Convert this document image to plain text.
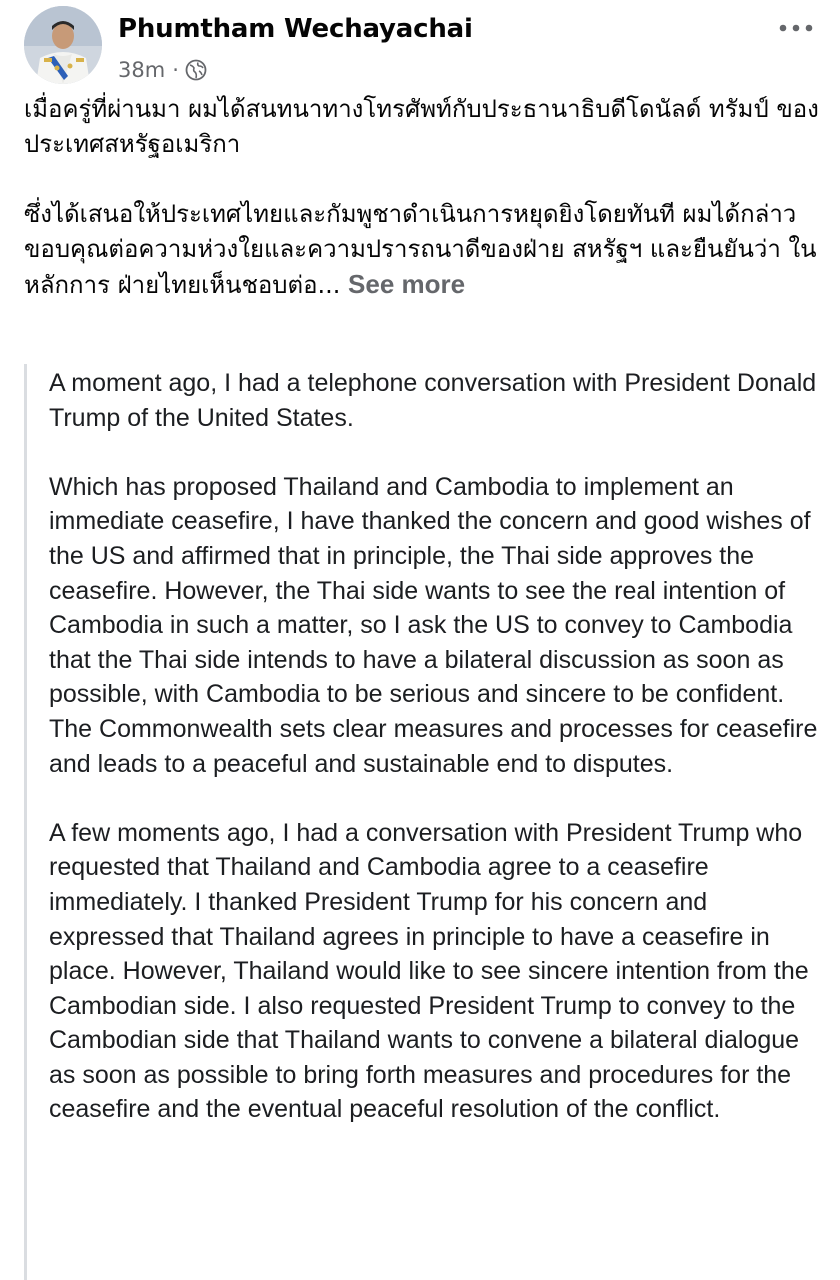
Phumtham Wechayachai
38m ·

เมื่อครู่ที่ผ่านมา ผมได้สนทนาทางโทรศัพท์กับประธานาธิบดีโดนัลด์ ทรัมป์ ของประเทศสหรัฐอเมริกา

ซึ่งได้เสนอให้ประเทศไทยและกัมพูชาดำเนินการหยุดยิงโดยทันที ผมได้กล่าวขอบคุณต่อความห่วงใยและความปรารถนาดีของฝ่าย สหรัฐฯ และยืนยันว่า ในหลักการ ฝ่ายไทยเห็นชอบต่อ... See more

A moment ago, I had a telephone conversation with President Donald Trump of the United States.

Which has proposed Thailand and Cambodia to implement an immediate ceasefire, I have thanked the concern and good wishes of the US and affirmed that in principle, the Thai side approves the ceasefire. However, the Thai side wants to see the real intention of Cambodia in such a matter, so I ask the US to convey to Cambodia that the Thai side intends to have a bilateral discussion as soon as possible, with Cambodia to be serious and sincere to be confident. The Commonwealth sets clear measures and processes for ceasefire and leads to a peaceful and sustainable end to disputes.

A few moments ago, I had a conversation with President Trump who requested that Thailand and Cambodia agree to a ceasefire immediately. I thanked President Trump for his concern and expressed that Thailand agrees in principle to have a ceasefire in place. However, Thailand would like to see sincere intention from the Cambodian side. I also requested President Trump to convey to the Cambodian side that Thailand wants to convene a bilateral dialogue as soon as possible to bring forth measures and procedures for the ceasefire and the eventual peaceful resolution of the conflict.
